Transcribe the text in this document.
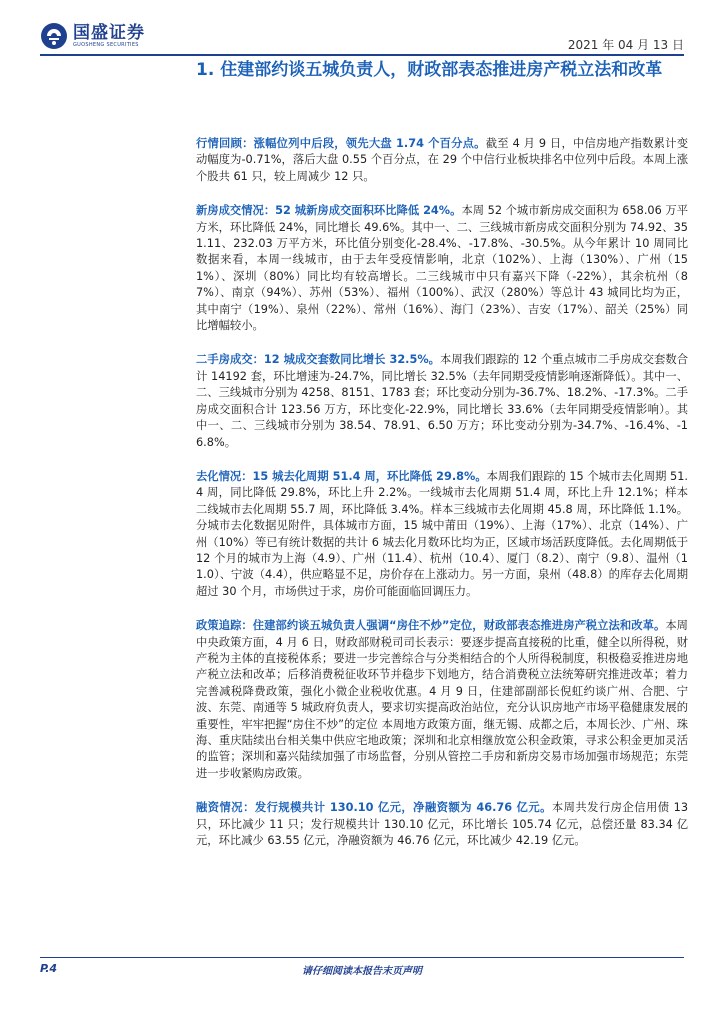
国盛证券
GUOSHENG SECURITIES	2021 年 04 月 13 日
1. 住建部约谈五城负责人，财政部表态推进房产税立法和改革

行情回顾：涨幅位列中后段，领先大盘 1.74 个百分点。截至 4 月 9 日，中信房地产指数累计变动幅度为-0.71%，落后大盘 0.55 个百分点，在 29 个中信行业板块排名中位列中后段。本周上涨个股共 61 只，较上周减少 12 只。

新房成交情况：52 城新房成交面积环比降低 24%。本周 52 个城市新房成交面积为 658.06 万平方米，环比降低 24%，同比增长 49.6%。其中一、二、三线城市新房成交面积分别为 74.92、351.11、232.03 万平方米，环比值分别变化-28.4%、-17.8%、-30.5%。从今年累计 10 周同比数据来看，本周一线城市，由于去年受疫情影响，北京（102%）、上海（130%）、广州（151%）、深圳（80%）同比均有较高增长。二三线城市中只有嘉兴下降（-22%），其余杭州（87%）、南京（94%）、苏州（53%）、福州（100%）、武汉（280%）等总计 43 城同比均为正，其中南宁（19%）、泉州（22%）、常州（16%）、海门（23%）、吉安（17%）、韶关（25%）同比增幅较小。

二手房成交：12 城成交套数同比增长 32.5%。本周我们跟踪的 12 个重点城市二手房成交套数合计 14192 套，环比增速为-24.7%，同比增长 32.5%（去年同期受疫情影响逐渐降低）。其中一、二、三线城市分别为 4258、8151、1783 套；环比变动分别为-36.7%、18.2%、-17.3%。二手房成交面积合计 123.56 万方，环比变化-22.9%，同比增长 33.6%（去年同期受疫情影响）。其中一、二、三线城市分别为 38.54、78.91、6.50 万方；环比变动分别为-34.7%、-16.4%、-16.8%。

去化情况：15 城去化周期 51.4 周，环比降低 29.8%。本周我们跟踪的 15 个城市去化周期 51.4 周，同比降低 29.8%，环比上升 2.2%。一线城市去化周期 51.4 周，环比上升 12.1%；样本二线城市去化周期 55.7 周，环比降低 3.4%。样本三线城市去化周期 45.8 周，环比降低 1.1%。分城市去化数据见附件，具体城市方面，15 城中莆田（19%）、上海（17%）、北京（14%）、广州（10%）等已有统计数据的共计 6 城去化月数环比均为正，区域市场活跃度降低。去化周期低于 12 个月的城市为上海（4.9）、广州（11.4）、杭州（10.4）、厦门（8.2）、南宁（9.8）、温州（11.0）、宁波（4.4），供应略显不足，房价存在上涨动力。另一方面，泉州（48.8）的库存去化周期超过 30 个月，市场供过于求，房价可能面临回调压力。

政策追踪：住建部约谈五城负责人强调“房住不炒”定位，财政部表态推进房产税立法和改革。本周中央政策方面，4 月 6 日，财政部财税司司长表示：要逐步提高直接税的比重，健全以所得税，财产税为主体的直接税体系；要进一步完善综合与分类相结合的个人所得税制度，积极稳妥推进房地产税立法和改革；后移消费税征收环节并稳步下划地方，结合消费税立法统筹研究推进改革；着力完善减税降费政策，强化小微企业税收优惠。4 月 9 日，住建部副部长倪虹约谈广州、合肥、宁波、东莞、南通等 5 城政府负责人，要求切实提高政治站位，充分认识房地产市场平稳健康发展的重要性，牢牢把握“房住不炒”的定位 本周地方政策方面，继无锡、成都之后，本周长沙、广州、珠海、重庆陆续出台相关集中供应宅地政策；深圳和北京相继放宽公积金政策，寻求公积金更加灵活的监管；深圳和嘉兴陆续加强了市场监督，分别从管控二手房和新房交易市场加强市场规范；东莞进一步收紧购房政策。

融资情况：发行规模共计 130.10 亿元，净融资额为 46.76 亿元。本周共发行房企信用债 13 只，环比减少 11 只；发行规模共计 130.10 亿元，环比增长 105.74 亿元，总偿还量 83.34 亿元，环比减少 63.55 亿元，净融资额为 46.76 亿元，环比减少 42.19 亿元。

P.4	请仔细阅读本报告末页声明
